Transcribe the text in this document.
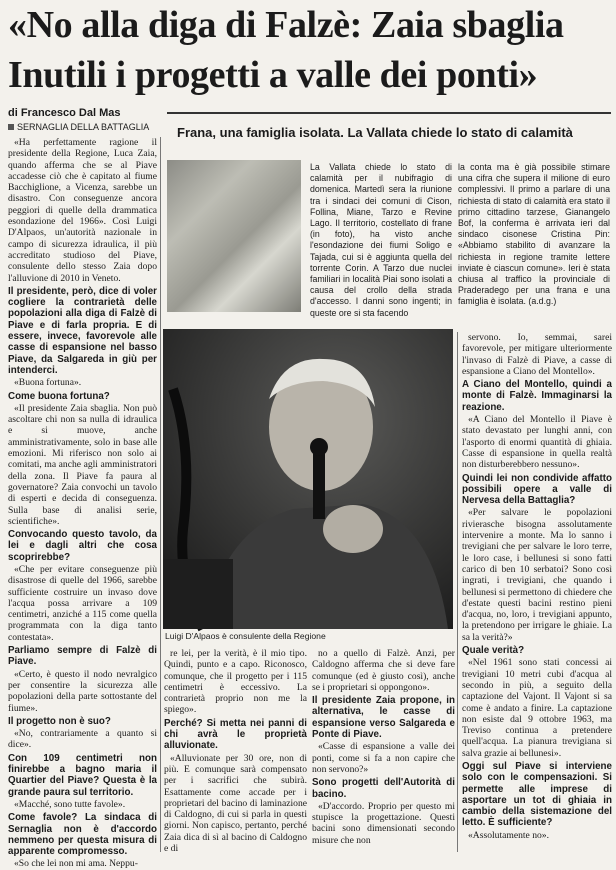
«No alla diga di Falzè: Zaia sbaglia
Inutili i progetti a valle dei ponti»
di Francesco Dal Mas
SERNAGLIA DELLA BATTAGLIA

«Ha perfettamente ragione il presidente della Regione, Luca Zaia, quando afferma che se al Piave accadesse ciò che è capitato al fiume Bacchiglione, a Vicenza, sarebbe un disastro. Con conseguenze ancora peggiori di quelle della drammatica esondazione del 1966». Così Luigi D'Alpaos, un'autorità nazionale in campo di sicurezza idraulica, il più accreditato studioso del Piave, consulente dello stesso Zaia dopo l'alluvione di 2010 in Veneto.

Il presidente, però, dice di voler cogliere la contrarietà delle popolazioni alla diga di Falzè di Piave e di farla propria. E di essere, invece, favorevole alle casse di espansione nel basso Piave, da Salgareda in giù per intenderci.

«Buona fortuna».

Come buona fortuna?

«Il presidente Zaia sbaglia. Non può ascoltare chi non sa nulla di idraulica e si muove, anche amministrativamente, solo in base alle emozioni. Mi riferisco non solo ai comitati, ma anche agli amministratori della zona. Il Piave fa paura al governatore? Zaia convochi un tavolo di esperti e decida di conseguenza. Sulla base di analisi serie, scientifiche».

Convocando questo tavolo, da lei e dagli altri che cosa scoprirebbe?

«Che per evitare conseguenze più disastrose di quelle del 1966, sarebbe sufficiente costruire un invaso dove l'acqua possa arrivare a 109 centimetri, anziché a 115 come quella programmata con la diga tanto contestata».

Parliamo sempre di Falzè di Piave.

«Certo, è questo il nodo nevralgico per consentire la sicurezza alle popolazioni della parte sottostante del fiume».

Il progetto non è suo?

«No, contrariamente a quanto si dice».

Con 109 centimetri non finirebbe a bagno maria il Quartier del Piave? Questa è la grande paura sul territorio.

«Macché, sono tutte favole».

Come favole? La sindaca di Sernaglia non è d'accordo nemmeno per questa misura di apparente compromesso.

«So che lei non mi ama. Neppu-

Frana, una famiglia isolata. La Vallata chiede lo stato di calamità
La Vallata chiede lo stato di calamità per il nubifragio di domenica. Martedì sera la riunione tra i sindaci dei comuni di Cison, Follina, Miane, Tarzo e Revine Lago. Il territorio, costellato di frane (in foto), ha visto anche l'esondazione dei fiumi Soligo e Tajada, cui si è aggiunta quella del torrente Corin. A Tarzo due nuclei familiari in località Piai sono isolati a causa del crollo della strada d'accesso. I danni sono ingenti; in queste ore si sta facendo
la conta ma è già possibile stimare una cifra che supera il milione di euro complessivi. Il primo a parlare di una richiesta di stato di calamità era stato il primo cittadino tarzese, Gianangelo Bof, la conferma è arrivata ieri dal sindaco cisonese Cristina Pin: «Abbiamo stabilito di avanzare la richiesta in regione tramite lettere inviate è ciascun comune». Ieri è stata chiusa al traffico la provinciale di Praderadego per una frana e una famiglia è isolata. (a.d.g.)
Luigi D'Alpaos è consulente della Regione

re lei, per la verità, è il mio tipo. Quindi, punto e a capo. Riconosco, comunque, che il progetto per i 115 centimetri è eccessivo. La contrarietà proprio non me la spiego».

Perché? Si metta nei panni di chi avrà le proprietà alluvionate.

«Alluvionate per 30 ore, non di più. E comunque sarà compensato per i sacrifici che subirà. Esattamente come accade per i proprietari del bacino di laminazione di Caldogno, di cui si parla in questi giorni. Non capisco, pertanto, perché Zaia dica di sì al bacino di Caldogno e di

no a quello di Falzè. Anzi, per Caldogno afferma che si deve fare comunque (ed è giusto così), anche se i proprietari si oppongono».

Il presidente Zaia propone, in alternativa, le casse di espansione verso Salgareda e Ponte di Piave.

«Casse di espansione a valle dei ponti, come si fa a non capire che non servono?»

Sono progetti dell'Autorità di bacino.

«D'accordo. Proprio per questo mi stupisce la progettazione. Questi bacini sono dimensionati secondo misure che non

servono. Io, semmai, sarei favorevole, per mitigare ulteriormente l'invaso di Falzè di Piave, a casse di espansione a Ciano del Montello».

A Ciano del Montello, quindi a monte di Falzè. Immaginarsi la reazione.

«A Ciano del Montello il Piave è stato devastato per lunghi anni, con l'asporto di enormi quantità di ghiaia. Casse di espansione in quella realtà non disturberebbero nessuno».

Quindi lei non condivide affatto possibili opere a valle di Nervesa della Battaglia?

«Per salvare le popolazioni rivierasche bisogna assolutamente intervenire a monte. Ma lo sanno i trevigiani che per salvare le loro terre, le loro case, i bellunesi si sono fatti carico di ben 10 serbatoi? Sono così ingrati, i trevigiani, che quando i bellunesi si permettono di chiedere che d'estate questi bacini restino pieni d'acqua, no, loro, i trevigiani appunto, la pretendono per irrigare le ghiaie. La sa la verità?»

Quale verità?

«Nel 1961 sono stati concessi ai trevigiani 10 metri cubi d'acqua al secondo in più, a seguito della captazione del Vajont. Il Vajont si sa come è andato a finire. La captazione non esiste dal 9 ottobre 1963, ma Treviso continua a pretendere quell'acqua. La pianura trevigiana si salva grazie ai bellunesi».

Oggi sul Piave si interviene solo con le compensazioni. Si permette alle imprese di asportare un tot di ghiaia in cambio della sistemazione del letto. È sufficiente?

«Assolutamente no».
